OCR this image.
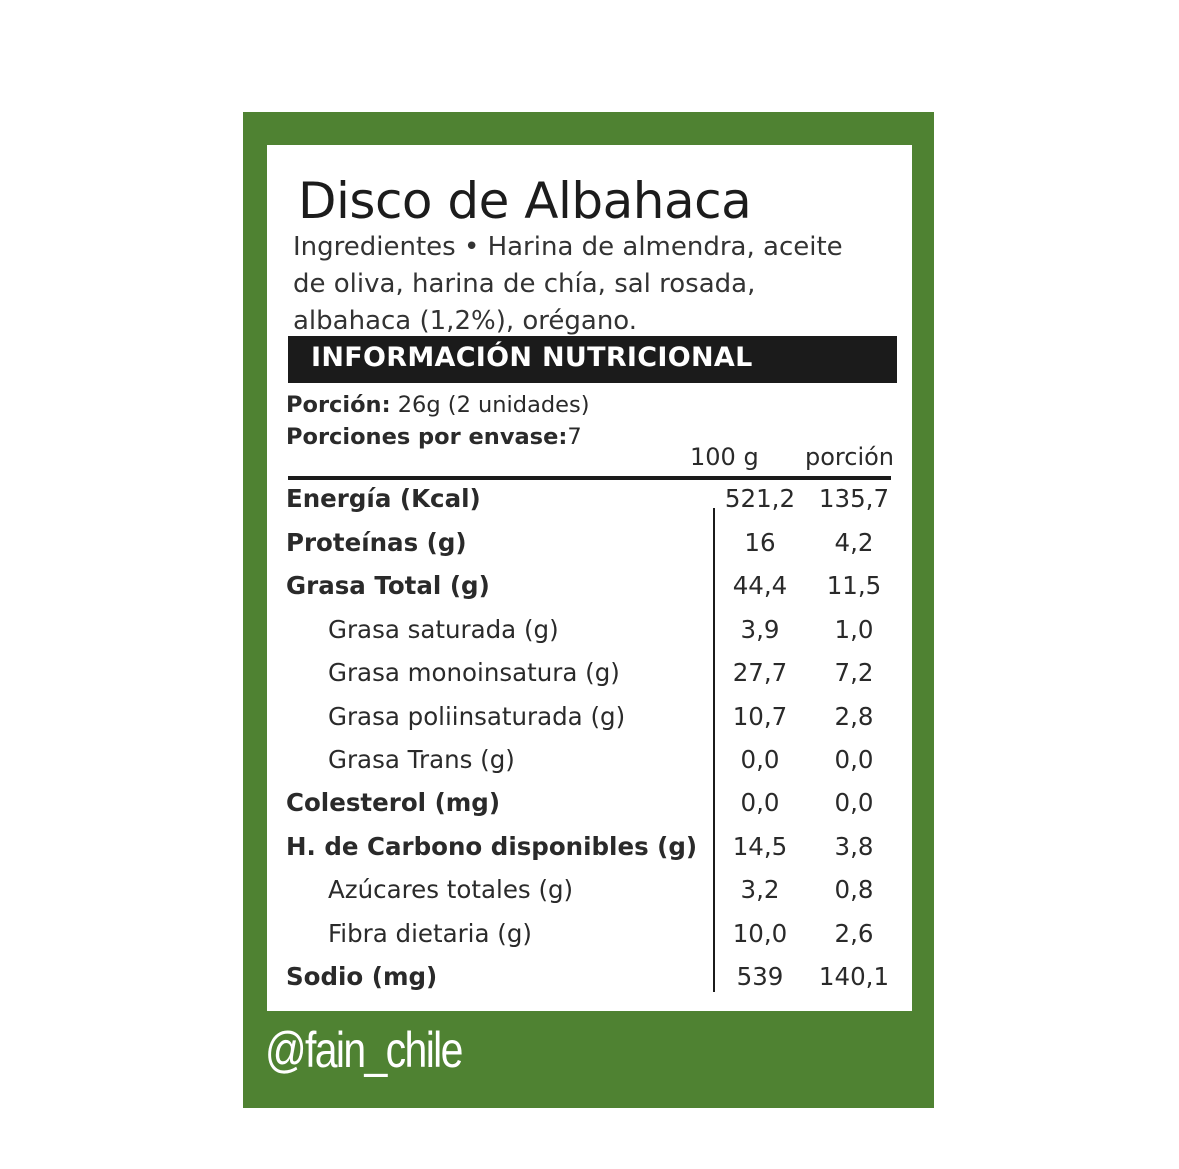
Disco de Albahaca
Ingredientes • Harina de almendra, aceite
de oliva, harina de chía, sal rosada,
albahaca (1,2%), orégano.
INFORMACIÓN NUTRICIONAL
Porción: 26g (2 unidades)
Porciones por envase:7
100 g porción
Energía (Kcal)	521,2 135,7
Proteínas (g)	16	4,2
Grasa Total (g)	44,4	11,5
Grasa saturada (g)	3,9	1,0
Grasa monoinsatura (g)	27,7	7,2
Grasa poliinsaturada (g)	10,7	2,8
Grasa Trans (g)	0,0	0,0
Colesterol (mg)	0,0	0,0
H. de Carbono disponibles (g)	14,5	3,8
Azúcares totales (g)	3,2	0,8
Fibra dietaria (g)	10,0	2,6
Sodio (mg)	539	140,1
@fain_chile
